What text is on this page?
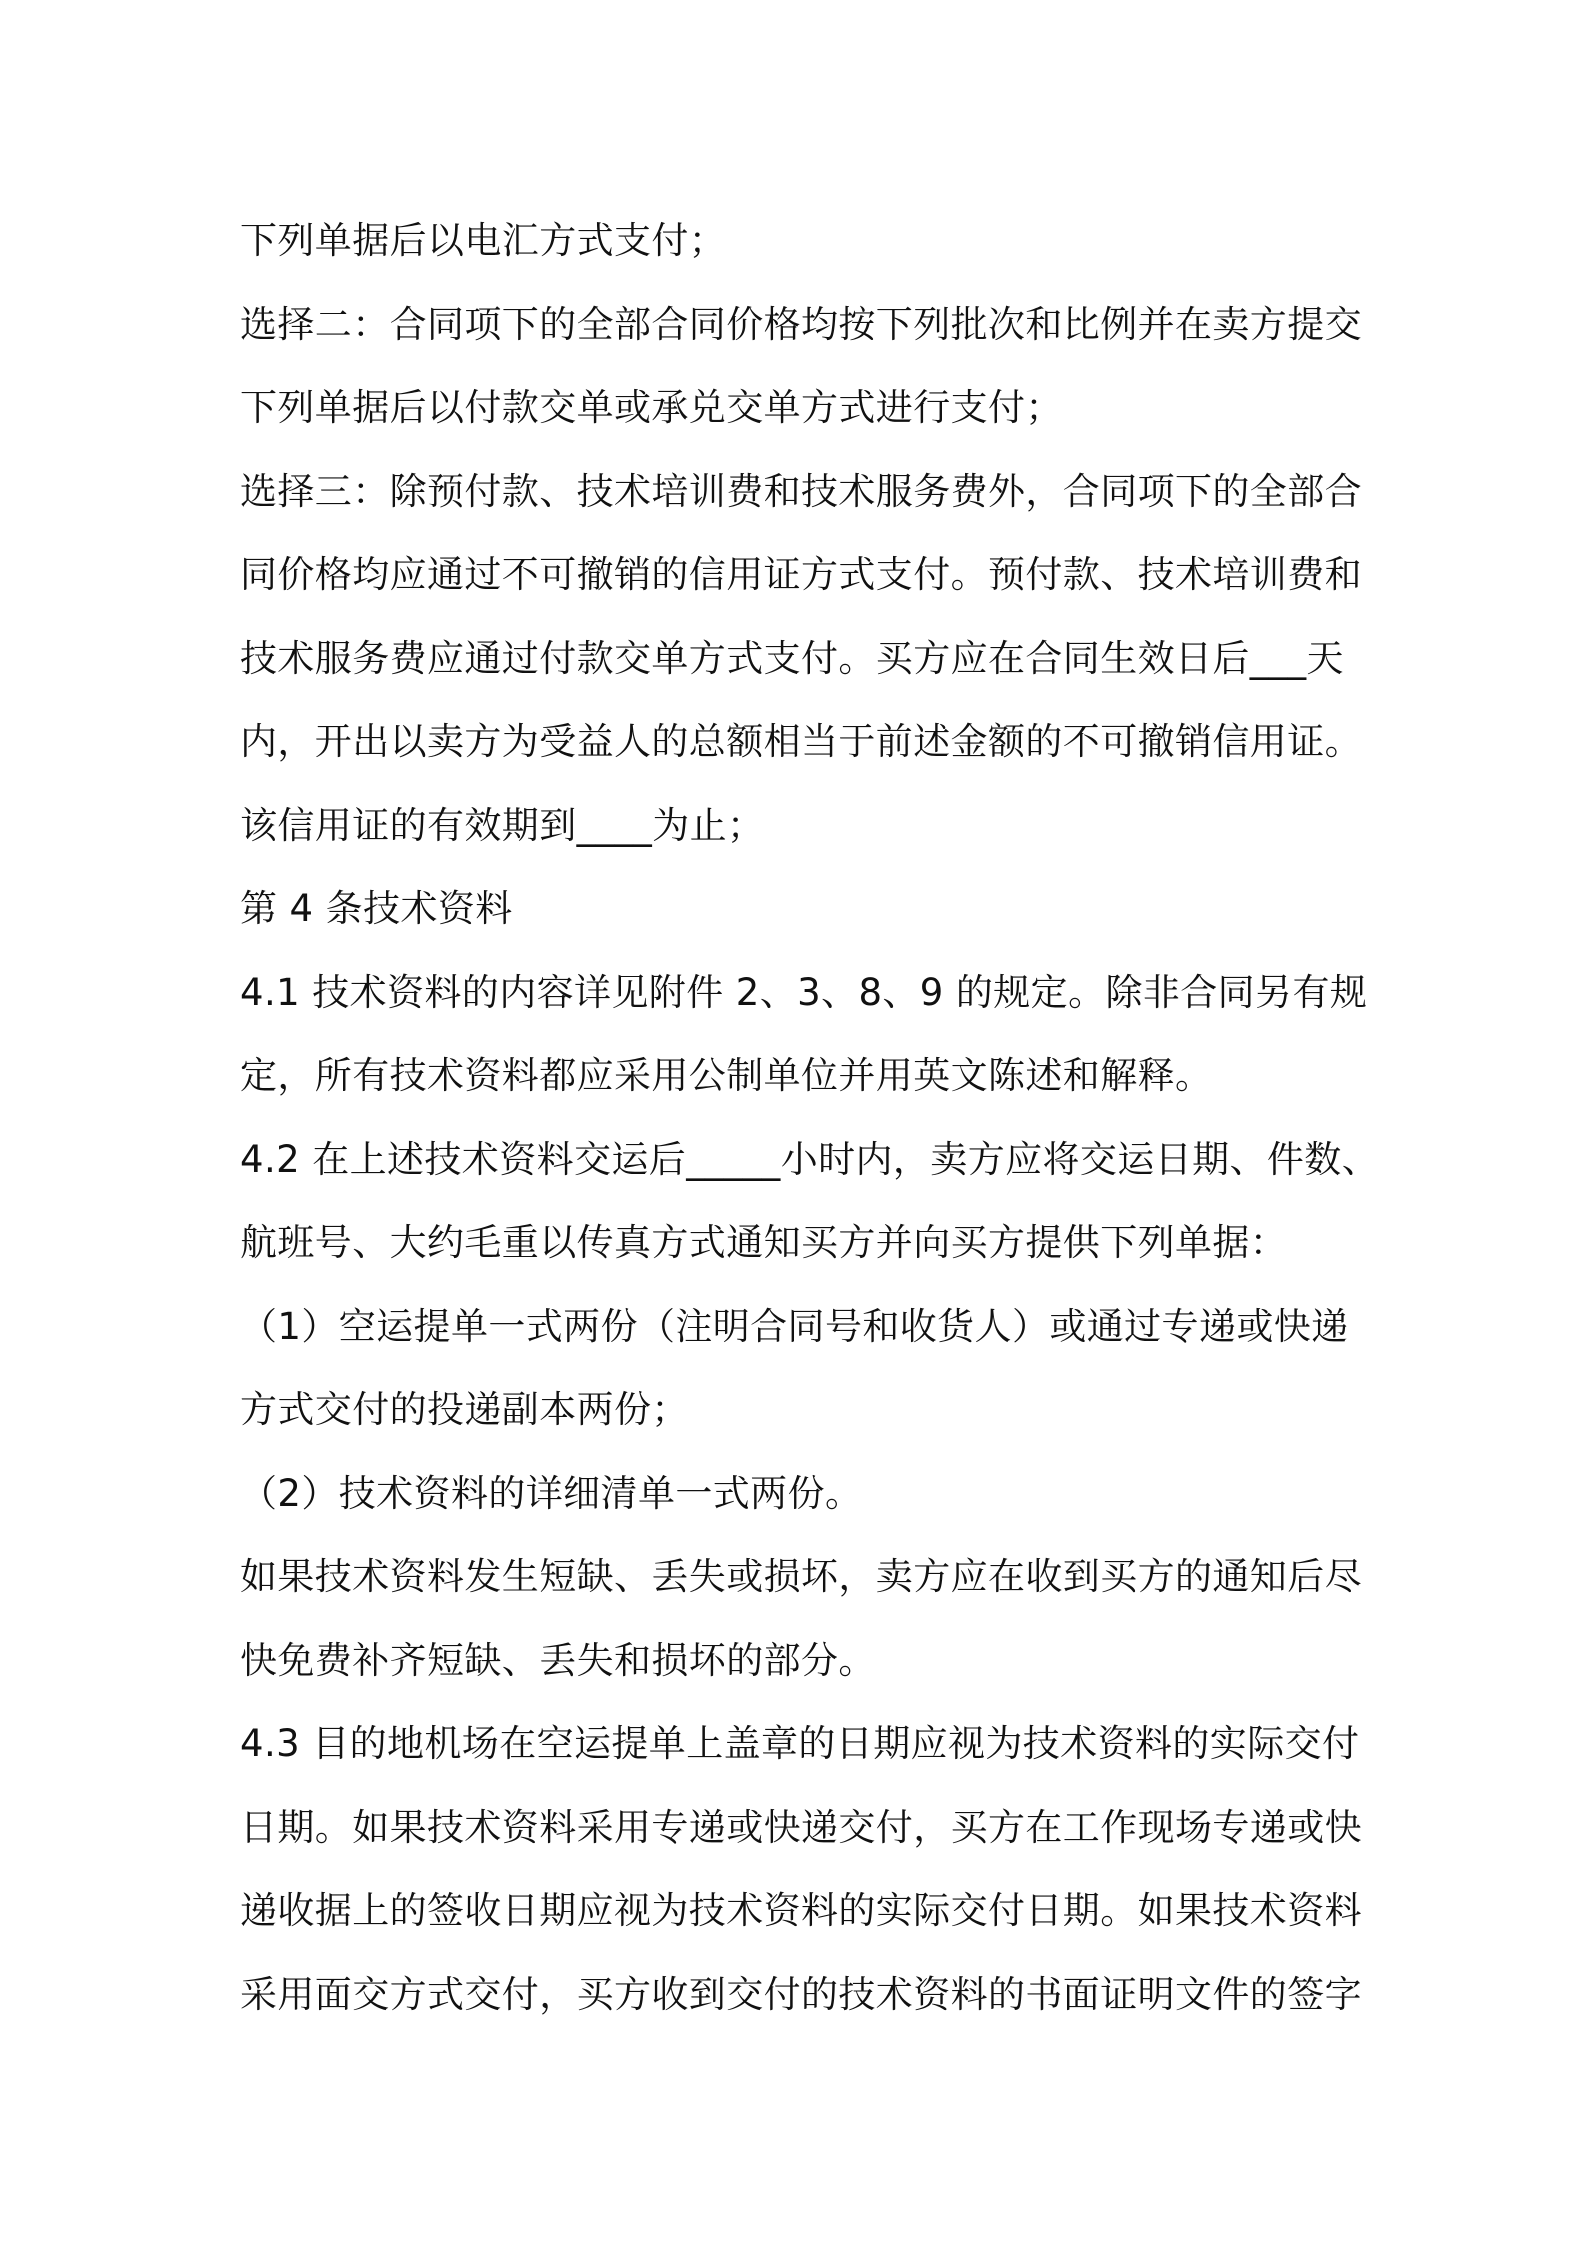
下列单据后以电汇方式支付；
选择二：合同项下的全部合同价格均按下列批次和比例并在卖方提交
下列单据后以付款交单或承兑交单方式进行支付；
选择三：除预付款、技术培训费和技术服务费外，合同项下的全部合
同价格均应通过不可撤销的信用证方式支付。预付款、技术培训费和
技术服务费应通过付款交单方式支付。买方应在合同生效日后___天
内，开出以卖方为受益人的总额相当于前述金额的不可撤销信用证。
该信用证的有效期到____为止；
第 4 条技术资料
4.1 技术资料的内容详见附件 2、3、8、9 的规定。除非合同另有规
定，所有技术资料都应采用公制单位并用英文陈述和解释。
4.2 在上述技术资料交运后_____小时内，卖方应将交运日期、件数、
航班号、大约毛重以传真方式通知买方并向买方提供下列单据：
（1）空运提单一式两份（注明合同号和收货人）或通过专递或快递
方式交付的投递副本两份；
（2）技术资料的详细清单一式两份。
如果技术资料发生短缺、丢失或损坏，卖方应在收到买方的通知后尽
快免费补齐短缺、丢失和损坏的部分。
4.3 目的地机场在空运提单上盖章的日期应视为技术资料的实际交付
日期。如果技术资料采用专递或快递交付，买方在工作现场专递或快
递收据上的签收日期应视为技术资料的实际交付日期。如果技术资料
采用面交方式交付，买方收到交付的技术资料的书面证明文件的签字
